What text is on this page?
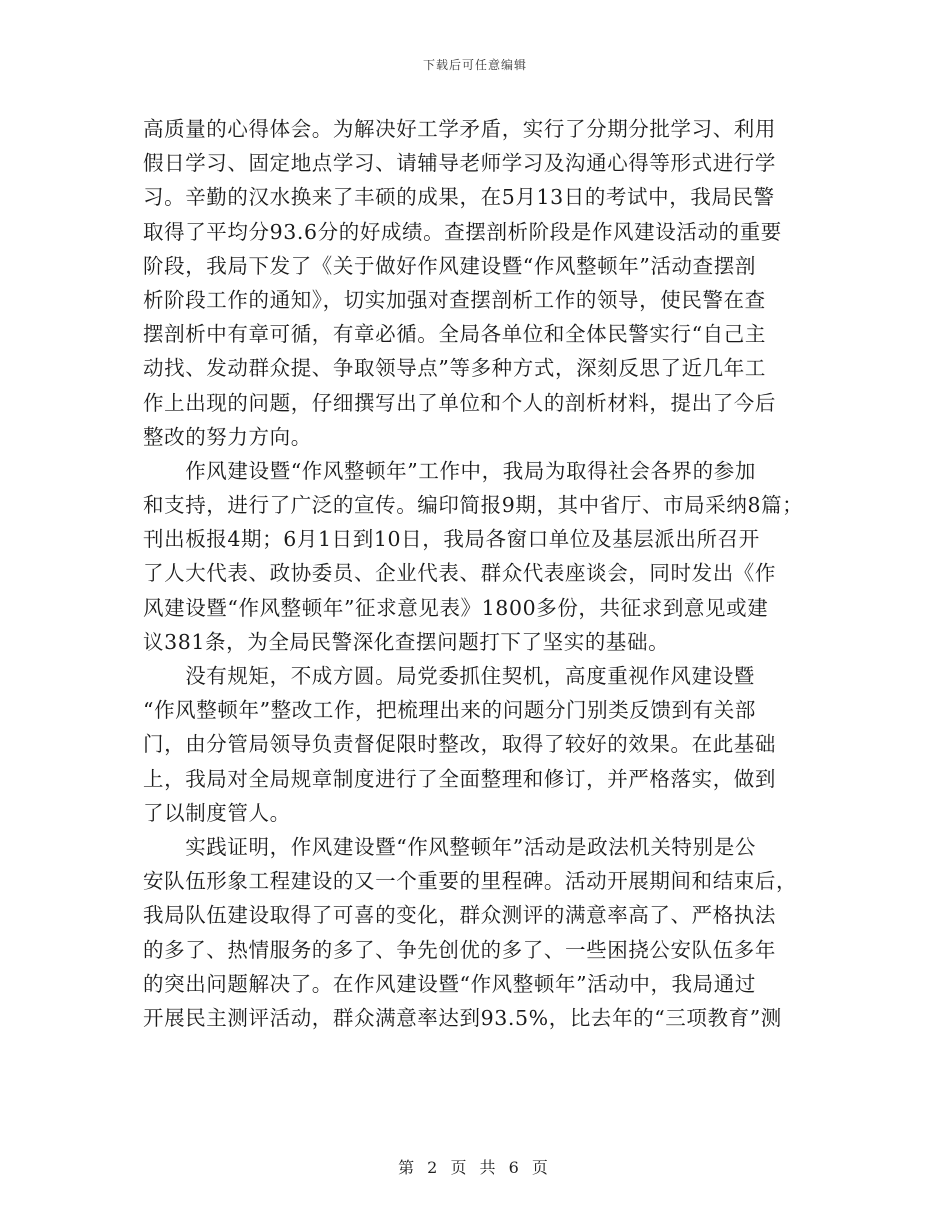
下载后可任意编辑
高质量的心得体会。为解决好工学矛盾，实行了分期分批学习、利用
假日学习、固定地点学习、请辅导老师学习及沟通心得等形式进行学
习。辛勤的汉水换来了丰硕的成果，在5月13日的考试中，我局民警
取得了平均分93.6分的好成绩。查摆剖析阶段是作风建设活动的重要
阶段，我局下发了《关于做好作风建设暨“作风整顿年”活动查摆剖
析阶段工作的通知》，切实加强对查摆剖析工作的领导，使民警在查
摆剖析中有章可循，有章必循。全局各单位和全体民警实行“自己主
动找、发动群众提、争取领导点”等多种方式，深刻反思了近几年工
作上出现的问题，仔细撰写出了单位和个人的剖析材料，提出了今后
整改的努力方向。
　　作风建设暨“作风整顿年”工作中，我局为取得社会各界的参加
和支持，进行了广泛的宣传。编印简报9期，其中省厅、市局采纳8篇；
刊出板报4期；6月1日到10日，我局各窗口单位及基层派出所召开
了人大代表、政协委员、企业代表、群众代表座谈会，同时发出《作
风建设暨“作风整顿年”征求意见表》1800多份，共征求到意见或建
议381条，为全局民警深化查摆问题打下了坚实的基础。
　　没有规矩，不成方圆。局党委抓住契机，高度重视作风建设暨
“作风整顿年”整改工作，把梳理出来的问题分门别类反馈到有关部
门，由分管局领导负责督促限时整改，取得了较好的效果。在此基础
上，我局对全局规章制度进行了全面整理和修订，并严格落实，做到
了以制度管人。
　　实践证明，作风建设暨“作风整顿年”活动是政法机关特别是公
安队伍形象工程建设的又一个重要的里程碑。活动开展期间和结束后，
我局队伍建设取得了可喜的变化，群众测评的满意率高了、严格执法
的多了、热情服务的多了、争先创优的多了、一些困挠公安队伍多年
的突出问题解决了。在作风建设暨“作风整顿年”活动中，我局通过
开展民主测评活动，群众满意率达到93.5%，比去年的“三项教育”测
第 2 页 共 6 页
